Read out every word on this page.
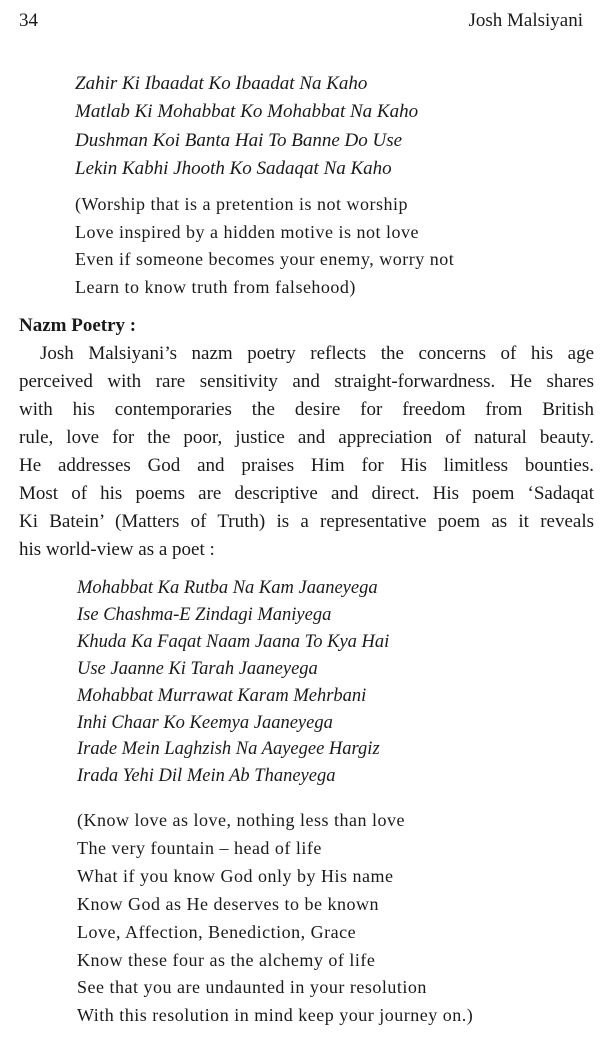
34	Josh Malsiyani
Zahir Ki Ibaadat Ko Ibaadat Na Kaho
Matlab Ki Mohabbat Ko Mohabbat Na Kaho
Dushman Koi Banta Hai To Banne Do Use
Lekin Kabhi Jhooth Ko Sadaqat Na Kaho
(Worship that is a pretention is not worship
Love inspired by a hidden motive is not love
Even if someone becomes your enemy, worry not
Learn to know truth from falsehood)
Nazm Poetry :
Josh Malsiyani’s nazm poetry reflects the concerns of his age
perceived with rare sensitivity and straight-forwardness. He shares
with his contemporaries the desire for freedom from British
rule, love for the poor, justice and appreciation of natural beauty.
He addresses God and praises Him for His limitless bounties.
Most of his poems are descriptive and direct. His poem ‘Sadaqat
Ki Batein’ (Matters of Truth) is a representative poem as it reveals
his world-view as a poet :
Mohabbat Ka Rutba Na Kam Jaaneyega
Ise Chashma-E Zindagi Maniyega
Khuda Ka Faqat Naam Jaana To Kya Hai
Use Jaanne Ki Tarah Jaaneyega
Mohabbat Murrawat Karam Mehrbani
Inhi Chaar Ko Keemya Jaaneyega
Irade Mein Laghzish Na Aayegee Hargiz
Irada Yehi Dil Mein Ab Thaneyega
(Know love as love, nothing less than love
The very fountain – head of life
What if you know God only by His name
Know God as He deserves to be known
Love, Affection, Benediction, Grace
Know these four as the alchemy of life
See that you are undaunted in your resolution
With this resolution in mind keep your journey on.)
